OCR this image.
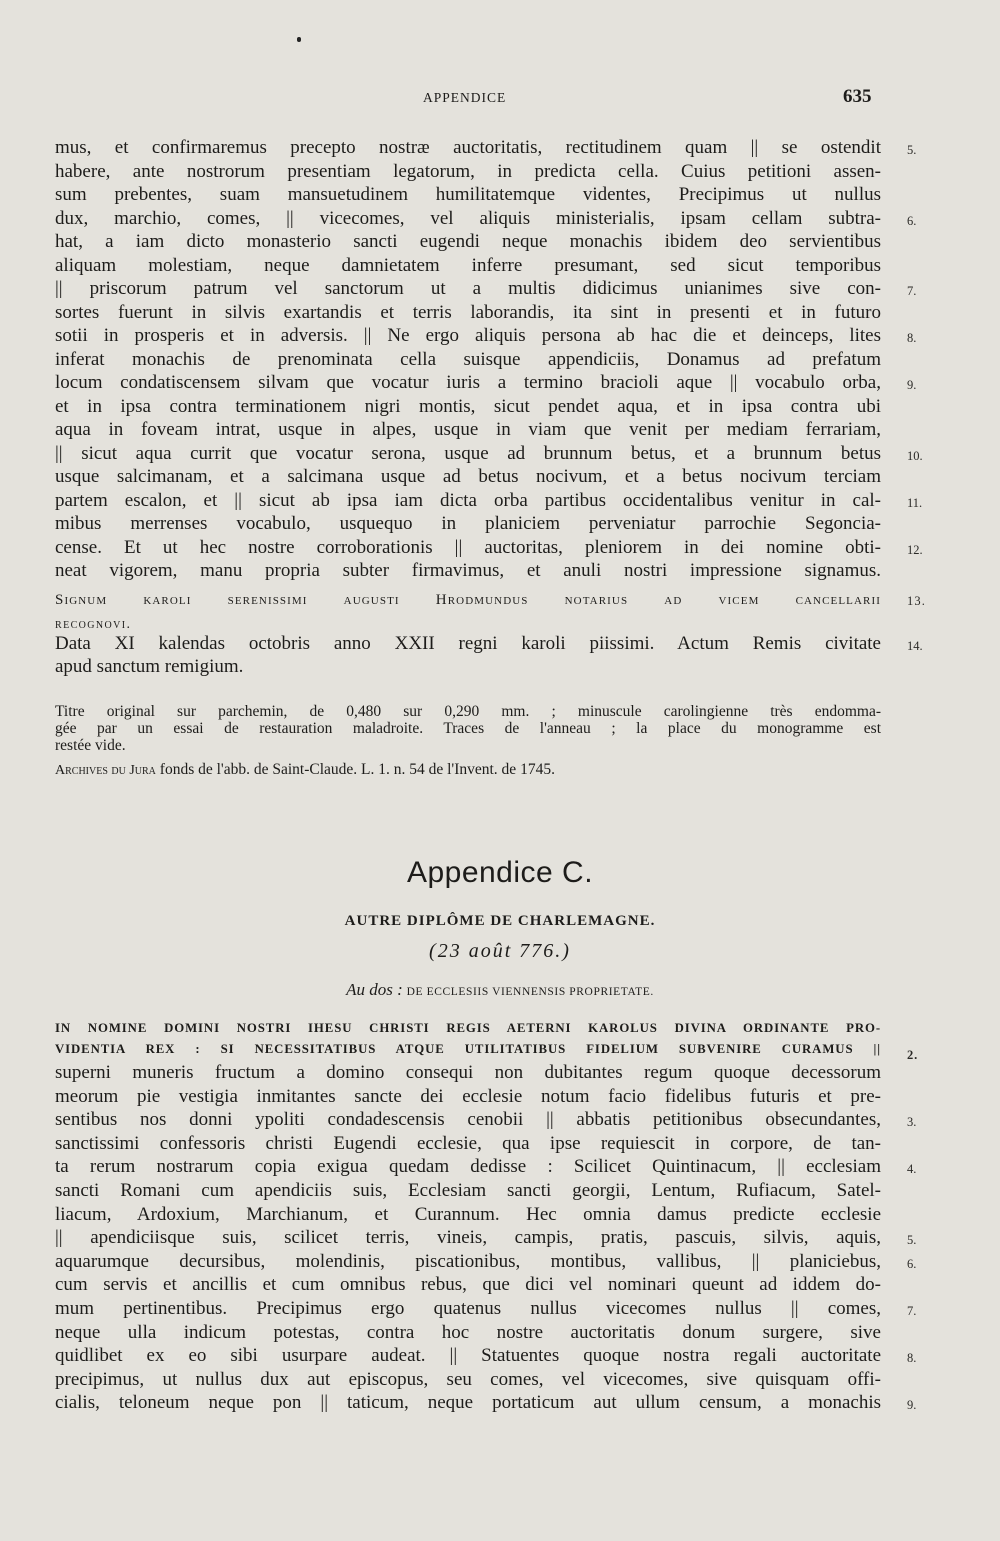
APPENDICE	635
mus, et confirmaremus precepto nostræ auctoritatis, rectitudinem quam || se ostendit 5.
habere, ante nostrorum presentiam legatorum, in predicta cella. Cuius petitioni assen-
sum prebentes, suam mansuetudinem humilitatemque videntes, Precipimus ut nullus
dux, marchio, comes, || vicecomes, vel aliquis ministerialis, ipsam cellam subtra- 6.
hat, a iam dicto monasterio sancti eugendi neque monachis ibidem deo servientibus
aliquam molestiam, neque damnietatem inferre presumant, sed sicut temporibus
|| priscorum patrum vel sanctorum ut a multis didicimus unianimes sive con- 7.
sortes fuerunt in silvis exartandis et terris laborandis, ita sint in presenti et in futuro
sotii in prosperis et in adversis. || Ne ergo aliquis persona ab hac die et deinceps, lites 8.
inferat monachis de prenominata cella suisque appendiciis, Donamus ad prefatum
locum condatiscensem silvam que vocatur iuris a termino bracioli aque || vocabulo orba, 9.
et in ipsa contra terminationem nigri montis, sicut pendet aqua, et in ipsa contra ubi
aqua in foveam intrat, usque in alpes, usque in viam que venit per mediam ferrariam,
|| sicut aqua currit que vocatur serona, usque ad brunnum betus, et a brunnum betus 10.
usque salcimanam, et a salcimana usque ad betus nocivum, et a betus nocivum terciam
partem escalon, et || sicut ab ipsa iam dicta orba partibus occidentalibus venitur in cal- 11.
mibus merrenses vocabulo, usquequo in planiciem perveniatur parrochie Segoncia-
cense. Et ut hec nostre corroborationis || auctoritas, pleniorem in dei nomine obti- 12.
neat vigorem, manu propria subter firmavimus, et anuli nostri impressione signamus.
Signum karoli serenissimi augusti Hrodmundus notarius ad vicem cancellarii 13.
recognovi.
Data XI kalendas octobris anno XXII regni karoli piissimi. Actum Remis civitate 14.
apud sanctum remigium.
Titre original sur parchemin, de 0,480 sur 0,290 mm. ; minuscule carolingienne très endomma-
gée par un essai de restauration maladroite. Traces de l'anneau ; la place du monogramme est
restée vide.
Archives du Jura fonds de l'abb. de Saint-Claude. L. 1. n. 54 de l'Invent. de 1745.
Appendice C.
AUTRE DIPLÔME DE CHARLEMAGNE.
(23 août 776.)
Au dos : DE ECCLESIIS VIENNENSIS PROPRIETATE.
IN NOMINE DOMINI NOSTRI IHESU CHRISTI REGIS AETERNI KAROLUS DIVINA ORDINANTE PRO-
VIDENTIA REX : SI NECESSITATIBUS ATQUE UTILITATIBUS FIDELIUM SUBVENIRE CURAMUS || 2.
superni muneris fructum a domino consequi non dubitantes regum quoque decessorum
meorum pie vestigia inmitantes sancte dei ecclesie notum facio fidelibus futuris et pre-
sentibus nos donni ypoliti condadescensis cenobii || abbatis petitionibus obsecundantes, 3.
sanctissimi confessoris christi Eugendi ecclesie, qua ipse requiescit in corpore, de tan-
ta rerum nostrarum copia exigua quedam dedisse : Scilicet Quintinacum, || ecclesiam 4.
sancti Romani cum apendiciis suis, Ecclesiam sancti georgii, Lentum, Rufiacum, Satel-
liacum, Ardoxium, Marchianum, et Curannum. Hec omnia damus predicte ecclesie
|| apendiciisque suis, scilicet terris, vineis, campis, pratis, pascuis, silvis, aquis, 5.
aquarumque decursibus, molendinis, piscationibus, montibus, vallibus, || planiciebus, 6.
cum servis et ancillis et cum omnibus rebus, que dici vel nominari queunt ad iddem do-
mum pertinentibus. Precipimus ergo quatenus nullus vicecomes nullus || comes, 7.
neque ulla indicum potestas, contra hoc nostre auctoritatis donum surgere, sive
quidlibet ex eo sibi usurpare audeat. || Statuentes quoque nostra regali auctoritate 8.
precipimus, ut nullus dux aut episcopus, seu comes, vel vicecomes, sive quisquam offi-
cialis, teloneum neque pon || taticum, neque portaticum aut ullum censum, a monachis 9.
